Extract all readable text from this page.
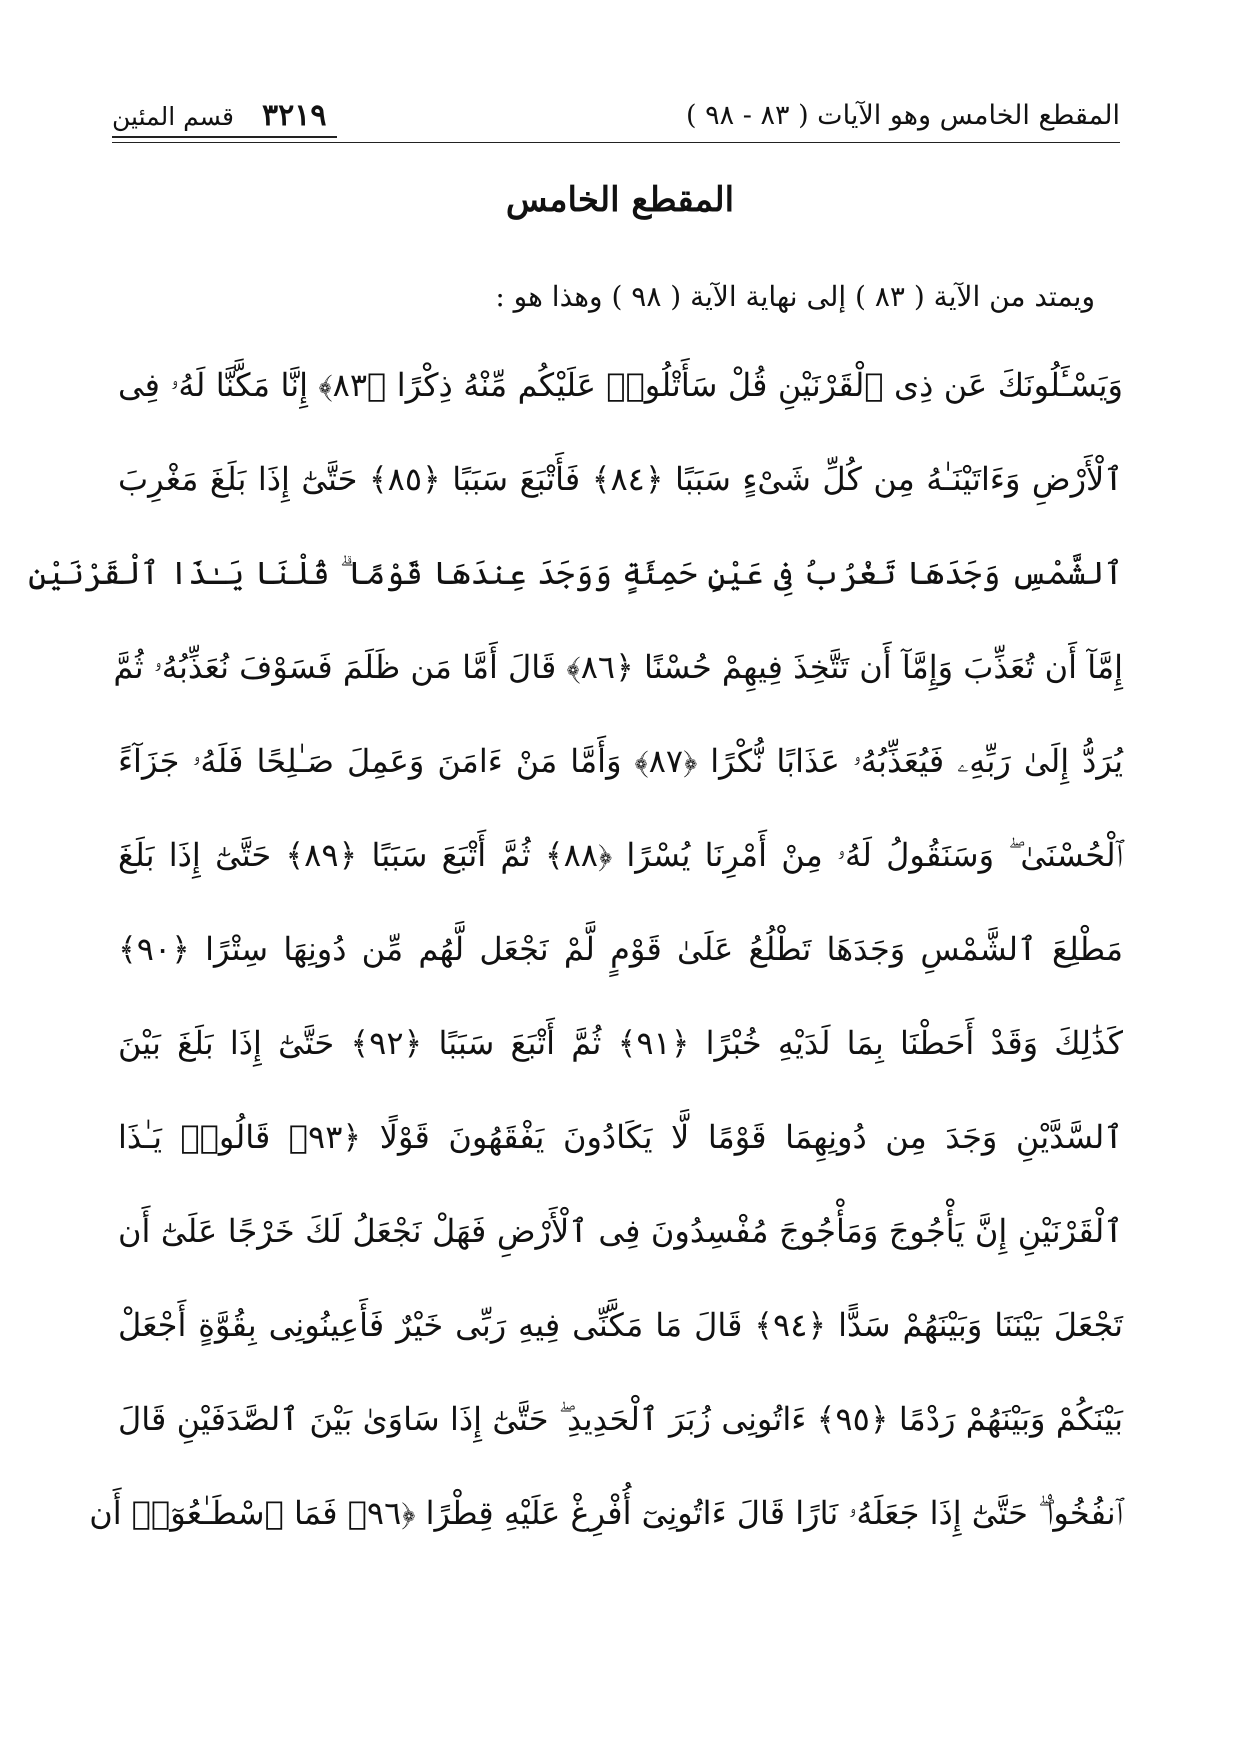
المقطع الخامس وهو الآيات ( ٨٣ - ٩٨ )
قسم المئين ٣٢١٩
المقطع الخامس
ويمتد من الآية ( ٨٣ ) إلى نهاية الآية ( ٩٨ ) وهذا هو :
وَيَسْـَٔلُونَكَ عَن ذِى ٱلْقَرْنَيْنِ قُلْ سَأَتْلُوا۟ عَلَيْكُم مِّنْهُ ذِكْرًا ﴿٨٣﴾ إِنَّا مَكَّنَّا لَهُۥ فِى
ٱلْأَرْضِ وَءَاتَيْنَـٰهُ مِن كُلِّ شَىْءٍ سَبَبًا ﴿٨٤﴾ فَأَتْبَعَ سَبَبًا ﴿٨٥﴾ حَتَّىٰٓ إِذَا بَلَغَ مَغْرِبَ
ٱلشَّمْسِ وَجَدَهَا تَغْرُبُ فِى عَيْنٍ حَمِئَةٍ وَوَجَدَ عِندَهَا قَوْمًا ۗ قُلْنَا يَـٰذَا ٱلْقَرْنَيْنِ
إِمَّآ أَن تُعَذِّبَ وَإِمَّآ أَن تَتَّخِذَ فِيهِمْ حُسْنًا ﴿٨٦﴾ قَالَ أَمَّا مَن ظَلَمَ فَسَوْفَ نُعَذِّبُهُۥ ثُمَّ
يُرَدُّ إِلَىٰ رَبِّهِۦ فَيُعَذِّبُهُۥ عَذَابًا نُّكْرًا ﴿٨٧﴾ وَأَمَّا مَنْ ءَامَنَ وَعَمِلَ صَـٰلِحًا فَلَهُۥ جَزَآءً
ٱلْحُسْنَىٰ ۖ وَسَنَقُولُ لَهُۥ مِنْ أَمْرِنَا يُسْرًا ﴿٨٨﴾ ثُمَّ أَتْبَعَ سَبَبًا ﴿٨٩﴾ حَتَّىٰٓ إِذَا بَلَغَ
مَطْلِعَ ٱلشَّمْسِ وَجَدَهَا تَطْلُعُ عَلَىٰ قَوْمٍ لَّمْ نَجْعَل لَّهُم مِّن دُونِهَا سِتْرًا ﴿٩٠﴾
كَذَٰلِكَ وَقَدْ أَحَطْنَا بِمَا لَدَيْهِ خُبْرًا ﴿٩١﴾ ثُمَّ أَتْبَعَ سَبَبًا ﴿٩٢﴾ حَتَّىٰٓ إِذَا بَلَغَ بَيْنَ
ٱلسَّدَّيْنِ وَجَدَ مِن دُونِهِمَا قَوْمًا لَّا يَكَادُونَ يَفْقَهُونَ قَوْلًا ﴿٩٣﴾ قَالُوا۟ يَـٰذَا
ٱلْقَرْنَيْنِ إِنَّ يَأْجُوجَ وَمَأْجُوجَ مُفْسِدُونَ فِى ٱلْأَرْضِ فَهَلْ نَجْعَلُ لَكَ خَرْجًا عَلَىٰٓ أَن
تَجْعَلَ بَيْنَنَا وَبَيْنَهُمْ سَدًّا ﴿٩٤﴾ قَالَ مَا مَكَّنِّى فِيهِ رَبِّى خَيْرٌ فَأَعِينُونِى بِقُوَّةٍ أَجْعَلْ
بَيْنَكُمْ وَبَيْنَهُمْ رَدْمًا ﴿٩٥﴾ ءَاتُونِى زُبَرَ ٱلْحَدِيدِ ۖ حَتَّىٰٓ إِذَا سَاوَىٰ بَيْنَ ٱلصَّدَفَيْنِ قَالَ
ٱنفُخُوا۟ ۖ حَتَّىٰٓ إِذَا جَعَلَهُۥ نَارًا قَالَ ءَاتُونِىٓ أُفْرِغْ عَلَيْهِ قِطْرًا ﴿٩٦﴾ فَمَا ٱسْطَـٰعُوٓا۟ أَن
